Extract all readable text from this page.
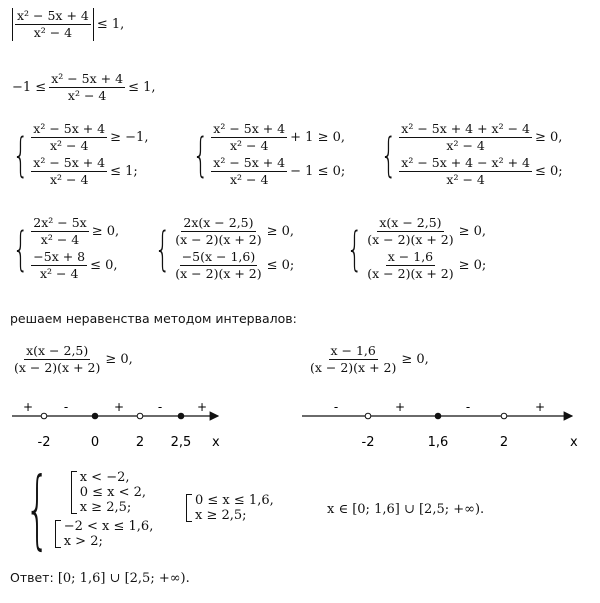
$\frac{\text{x² − 5x + 4}}{\text{x² − 4}} \le 1$,
$-1 \le \frac{\text{x² − 5x + 4}}{\text{x² − 4}} \le 1$,
{ $\frac{\text{x² − 5x + 4}}{\text{x² − 4}} \ge -1$,
$\frac{\text{x² − 5x + 4}}{\text{x² − 4}} \le 1$; { $\frac{\text{x² − 5x + 4}}{\text{x² − 4}} + 1 \ge 0$,
$\frac{\text{x² − 5x + 4}}{\text{x² − 4}} - 1 \le 0$; { $\frac{\text{x² − 5x + 4 + x² − 4}}{\text{x² − 4}} \ge 0$,
$\frac{\text{x² − 5x + 4 − x² + 4}}{\text{x² − 4}} \le 0$;
{ $\frac{\text{2x² − 5x}}{\text{x² − 4}} \ge 0$,
$\frac{-5x + 8}{\text{x² − 4}} \le 0$, { $\frac{2x(x - 2,5)}{(x - 2)(x + 2)} \ge 0$,
$\frac{-5(x - 1,6)}{(x - 2)(x + 2)} \le 0$; { $\frac{x(x - 2,5)}{(x - 2)(x + 2)} \ge 0$,
$\frac{x - 1,6}{(x - 2)(x + 2)} \ge 0$;
решаем неравенства методом интервалов:
$\frac{x(x - 2,5)}{(x - 2)(x + 2)} \ge 0$,	$\frac{x - 1,6}{(x - 2)(x + 2)} \ge 0$,
-2	0	2 2,5
+	-	+	-	+
x	-2	1,6	2
-	+	-	+
x
{ x < −2,
0 ≤ x < 2,
x ≥ 2,5;
−2 < x ≤ 1,6,
x > 2;
0 ≤ x ≤ 1,6,
x ≥ 2,5;	x ∈ [0; 1,6] ∪ [2,5; +∞).
Ответ: [0; 1,6] ∪ [2,5; +∞).
